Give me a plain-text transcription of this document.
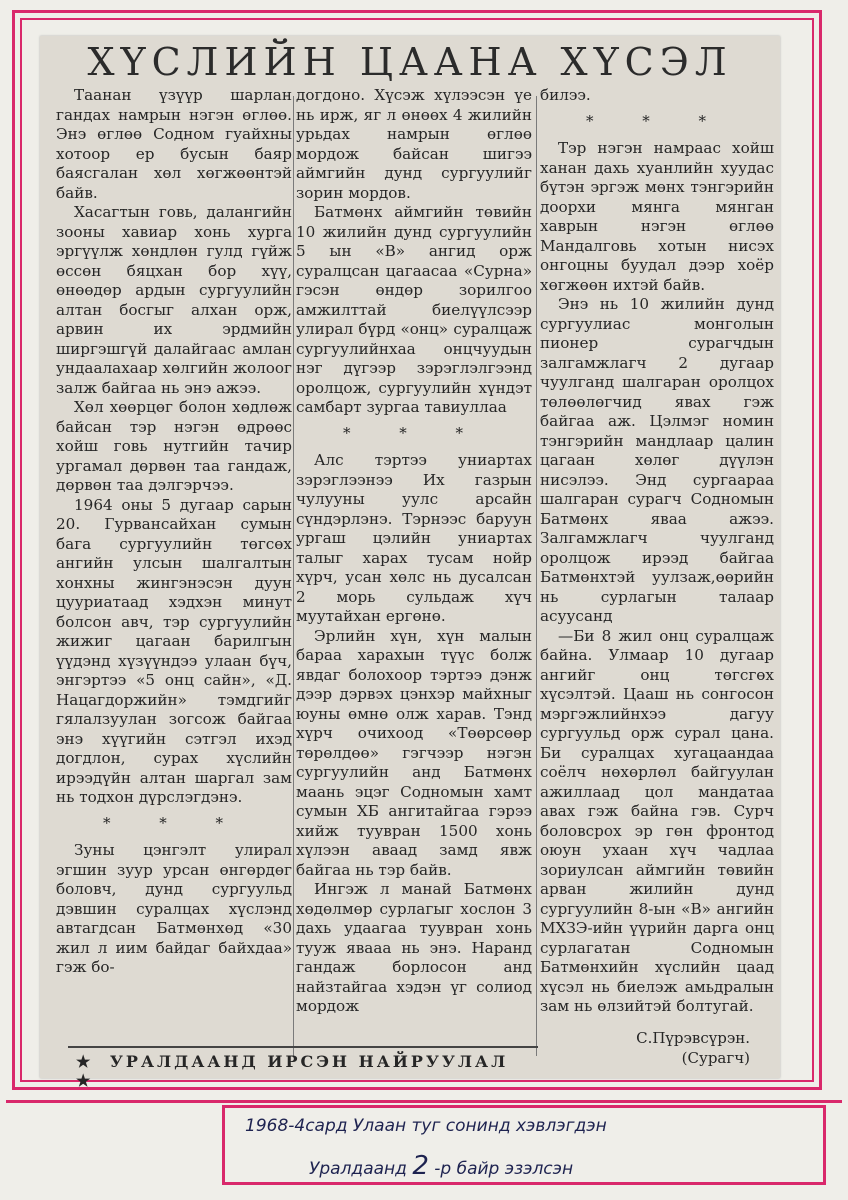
ХҮСЛИЙН ЦААНА ХҮСЭЛ

Таанан үзүүр шарлан гандах намрын нэгэн өглөө. Энэ өглөө Содном гуайхны хотоор ер бусын баяр баясгалан хөл хөгжөөнтэй байв.

Хасагтын говь, далангийн зооны хавиар хонь хурга эргүүлж хөндлөн гулд гүйж өссөн бяцхан бор хүү, өнөөдөр ардын сургуулийн алтан босгыг алхан орж, арвин их эрдмийн ширгэшгүй далайгаас амлан ундаалахаар хөлгийн жолоог залж байгаа нь энэ ажээ.

Хөл хөөрцөг болон хөдлөж байсан тэр нэгэн өдрөөс хойш говь нутгийн тачир ургамал дөрвөн таа гандаж, дөрвөн таа дэлгэрчээ.

1964 оны 5 дугаар сарын 20. Гурвансайхан сумын бага сургуулийн төгсөх ангийн улсын шалгалтын хонхны жингэнэсэн дуун цууриатаад хэдхэн минут болсон авч, тэр сургуулийн жижиг цагаан барилгын үүдэнд хүзүүндээ улаан бүч, энгэртээ «5 онц сайн», «Д. Нацагдоржийн» тэмдгийг гялалзуулан зогсож байгаа энэ хүүгийн сэтгэл ихэд догдлон, сурах хүслийн ирээдүйн алтан шаргал зам нь тодхон дүрслэгдэнэ.

* * *

Зуны цэнгэлт улирал эгшин зуур урсан өнгөрдөг боловч, дунд сургуульд дэвшин суралцах хүслэнд автагдсан Батмөнхөд «30 жил л иим байдаг байхдаа» гэж бо-

догдоно. Хүсэж хүлээсэн үе нь ирж, яг л өнөөх 4 жилийн урьдах намрын өглөө мордож байсан шигээ аймгийн дунд сургуулийг зорин мордов.

Батмөнх аймгийн төвийн 10 жилийн дунд сургуулийн 5 ын «В» ангид орж суралцсан цагаасаа «Сурна» гэсэн өндөр зорилгоо амжилттай биелүүлсээр улирал бүрд «онц» суралцаж сургуулийнхаа онцчуудын нэг дүгээр зэрэглэлгээнд оролцож, сургуулийн хүндэт самбарт зургаа тавиуллаа

* * *

Алс тэртээ униартах зэрэглээнээ Их газрын чулууны уулс арсайн сүндэрлэнэ. Тэрнээс баруун ургаш цэлийн униартах талыг харах тусам нойр хүрч, усан хөлс нь дусалсан 2 морь сульдаж хүч муутайхан ергөнө.

Эрлийн хүн, хүн малын бараа харахын түүс болж явдаг болохоор тэртээ дэнж дээр дэрвэх цэнхэр майхныг юуны өмнө олж харав. Тэнд хүрч очихоод «Төөрсөөр төрөлдөө» гэгчээр нэгэн сургуулийн анд Батмөнх маань эцэг Содномын хамт сумын ХБ ангитайгаа гэрээ хийж туувран 1500 хонь хүлээн аваад замд явж байгаа нь тэр байв.

Ингэж л манай Батмөнх хөдөлмөр сурлагыг хослон 3 дахь удаагаа туувран хонь тууж явааа нь энэ. Наранд гандаж борлосон анд найзтайгаа хэдэн үг солиод мордож

билээ.

* * *

Тэр нэгэн намраас хойш ханан дахь хуанлийн хуудас бүтэн эргэж мөнх тэнгэрийн доорхи мянга мянган хаврын нэгэн өглөө Мандалговь хотын нисэх онгоцны буудал дээр хоёр хөгжөөн ихтэй байв.

Энэ нь 10 жилийн дунд сургуулиас монголын пионер сурагчдын залгамжлагч 2 дугаар чуулганд шалгаран оролцох төлөөлөгчид явах гэж байгаа аж. Цэлмэг номин тэнгэрийн мандлаар цалин цагаан хөлөг дүүлэн нисэлээ. Энд сургаараа шалгаран сурагч Содномын Батмөнх яваа ажээ. Залгамжлагч чуулганд оролцож ирээд байгаа Батмөнхтэй уулзаж,өөрийн нь сурлагын талаар асуусанд

—Би 8 жил онц суралцаж байна. Улмаар 10 дугаар ангийг онц төгсгөх хүсэлтэй. Цааш нь сонгосон мэргэжлийнхээ дагуу сургуульд орж сурал цана. Би суралцах хугацаандаа соёлч нөхөрлөл байгуулан ажиллаад цол мандатаа авах гэж байна гэв. Сурч боловсрох эр гөн фронтод оюун ухаан хүч чадлаа зориулсан аймгийн төвийн арван жилийн дунд сургуулийн 8-ын «В» ангийн МХЗЭ-ийн үүрийн дарга онц сурлагатан Содномын Батмөнхийн хүслийн цаад хүсэл нь биелэж амьдралын зам нь өлзийтэй болтугай.

С.Пүрэвсүрэн.
(Сурагч)
★ УРАЛДААНД ИРСЭН НАЙРУУЛАЛ ★
1968-4сард Улаан туг сонинд хэвлэгдэн
Уралдаанд 2 -р байр эзэлсэн
